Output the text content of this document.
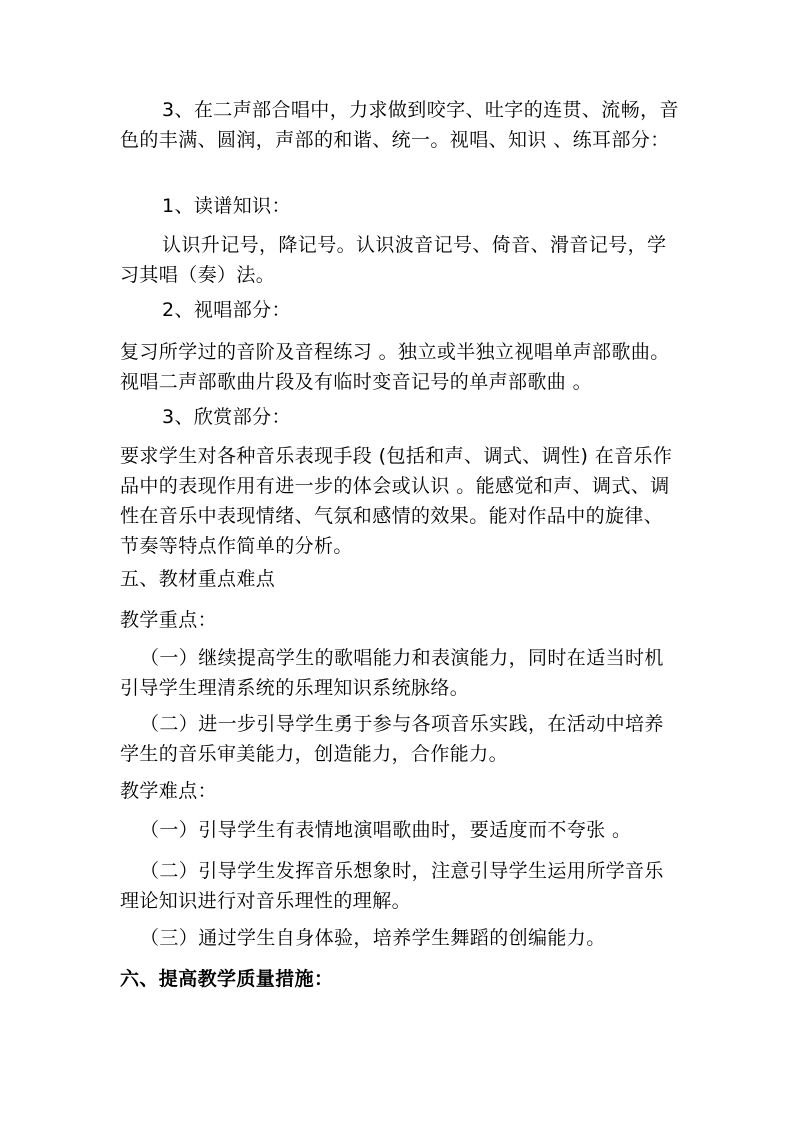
3、在二声部合唱中，力求做到咬字、吐字的连贯、流畅，音色的丰满、圆润，声部的和谐、统一。视唱、知识 、练耳部分：

1、读谱知识：

认识升记号，降记号。认识波音记号、倚音、滑音记号，学习其唱（奏）法。

2、视唱部分：

复习所学过的音阶及音程练习 。独立或半独立视唱单声部歌曲。视唱二声部歌曲片段及有临时变音记号的单声部歌曲 。

3、欣赏部分：

要求学生对各种音乐表现手段 (包括和声、调式、调性) 在音乐作品中的表现作用有进一步的体会或认识 。能感觉和声、调式、调性在音乐中表现情绪、气氛和感情的效果。能对作品中的旋律、节奏等特点作简单的分析。

五、教材重点难点

教学重点：

（一）继续提高学生的歌唱能力和表演能力，同时在适当时机引导学生理清系统的乐理知识系统脉络。

（二）进一步引导学生勇于参与各项音乐实践，在活动中培养学生的音乐审美能力，创造能力，合作能力。

教学难点：

（一）引导学生有表情地演唱歌曲时，要适度而不夸张 。

（二）引导学生发挥音乐想象时，注意引导学生运用所学音乐理论知识进行对音乐理性的理解。

（三）通过学生自身体验，培养学生舞蹈的创编能力。

六、提高教学质量措施：
